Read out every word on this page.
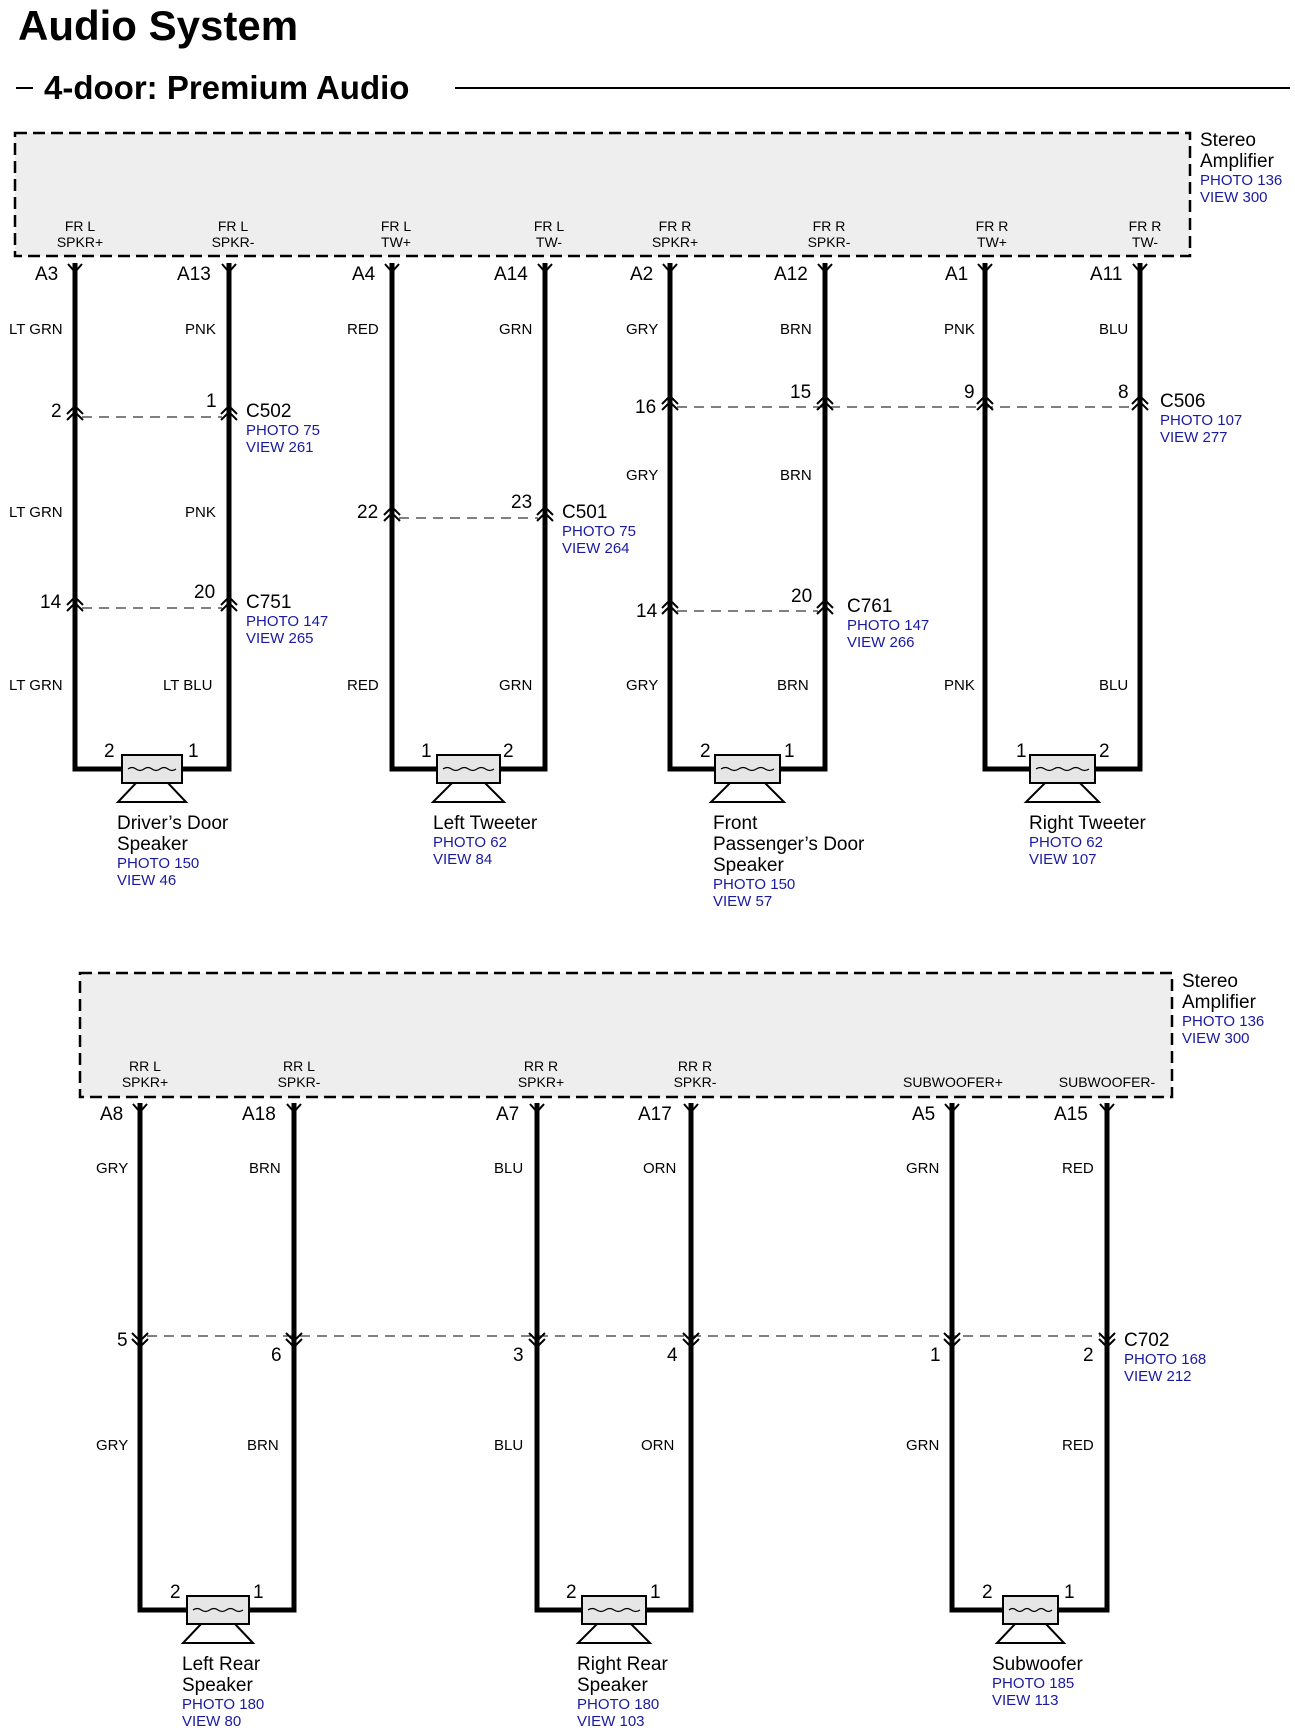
Audio System
4-door: Premium Audio
Stereo
Amplifier
PHOTO 136
VIEW 300
FR L
SPKR+
FR L
SPKR-
FR L
TW+
FR L
TW-
FR R
SPKR+
FR R
SPKR-
FR R
TW+
FR R
TW-
A3	A13	A4	A14	A2	A12	A1	A11
LT GRN
LT GRN
LT GRN
PNK
PNK
LT BLU
RED
RED
GRN
GRN
GRY
GRY
GRY
BRN
BRN
BRN
PNK
PNK
BLU
BLU
2	1 C502
PHOTO 75
VIEW 261
22	23 C501
PHOTO 75
VIEW 264
16
15	9	8 C506
PHOTO 107
VIEW 277
14	20 C751
PHOTO 147
VIEW 265
14
20 C761
PHOTO 147
VIEW 266
2	1
Driver’s Door
Speaker
PHOTO 150
VIEW 46
1	2
Left Tweeter
PHOTO 62
VIEW 84
2	1
Front
Passenger’s Door
Speaker
PHOTO 150
VIEW 57
1	2
Right Tweeter
PHOTO 62
VIEW 107
Stereo
Amplifier
PHOTO 136
VIEW 300
RR L
SPKR+
RR L
SPKR-
RR R
SPKR+
RR R
SPKR-	SUBWOOFER+	SUBWOOFER-
A8	A18	A7	A17	A5	A15
GRY
GRY
BRN
BRN
BLU
BLU
ORN
ORN
GRN
GRN
RED
RED
5
6	3	4	1	2
C702
PHOTO 168
VIEW 212
2	1
Left Rear
Speaker
PHOTO 180
VIEW 80
2	1
Right Rear
Speaker
PHOTO 180
VIEW 103
2	1
Subwoofer
PHOTO 185
VIEW 113
